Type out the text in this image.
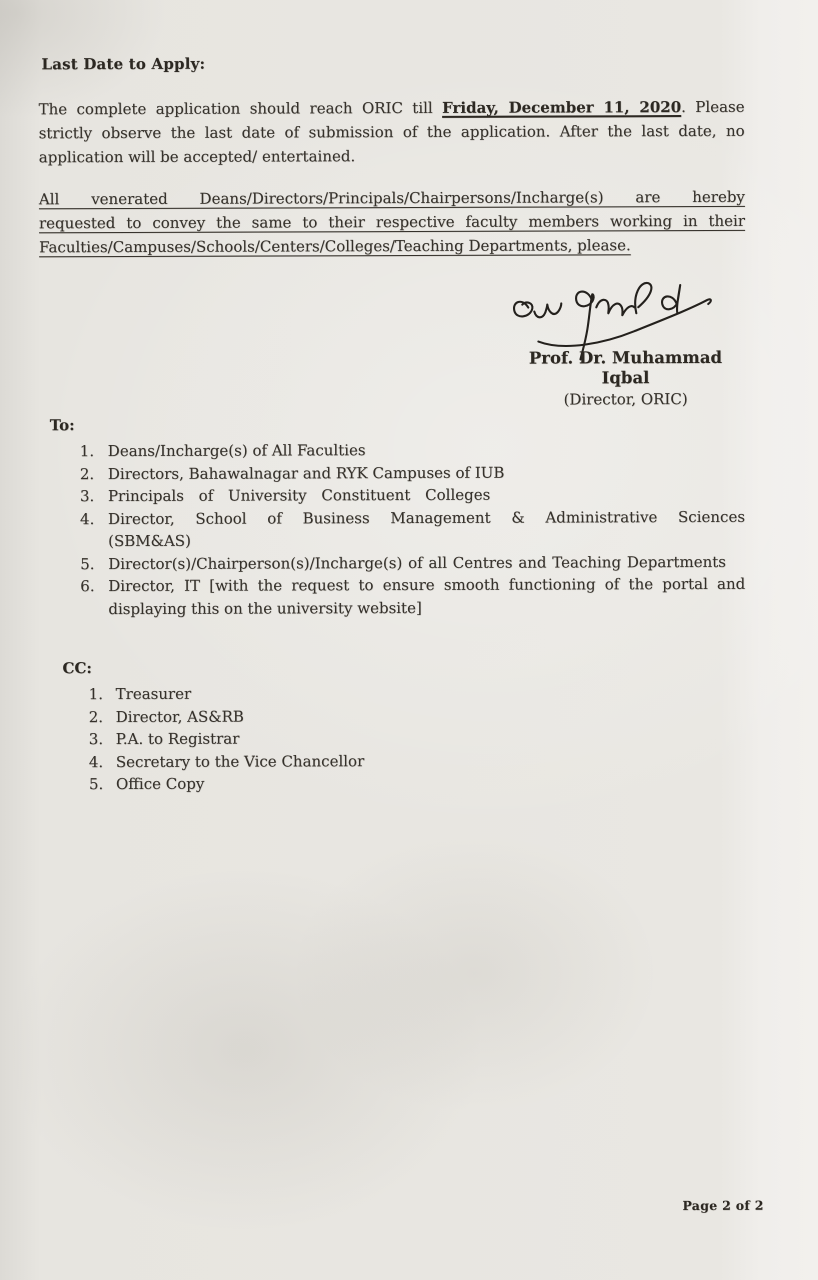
Last Date to Apply:
The complete application should reach ORIC till Friday, December 11, 2020. Please
strictly observe the last date of submission of the application. After the last date, no
application will be accepted/ entertained.
All venerated Deans/Directors/Principals/Chairpersons/Incharge(s) are hereby
requested to convey the same to their respective faculty members working in their
Faculties/Campuses/Schools/Centers/Colleges/Teaching Departments, please.
Prof. Dr. Muhammad Iqbal
(Director, ORIC)
To:
Deans/Incharge(s) of All Faculties
Directors, Bahawalnagar and RYK Campuses of IUB
Principals of University Constituent Colleges
Director, School of Business Management & Administrative Sciences (SBM&AS)
Director(s)/Chairperson(s)/Incharge(s) of all Centres and Teaching Departments
Director, IT [with the request to ensure smooth functioning of the portal and displaying this on the university website]
CC:
Treasurer
Director, AS&RB
P.A. to Registrar
Secretary to the Vice Chancellor
Office Copy
Page 2 of 2
